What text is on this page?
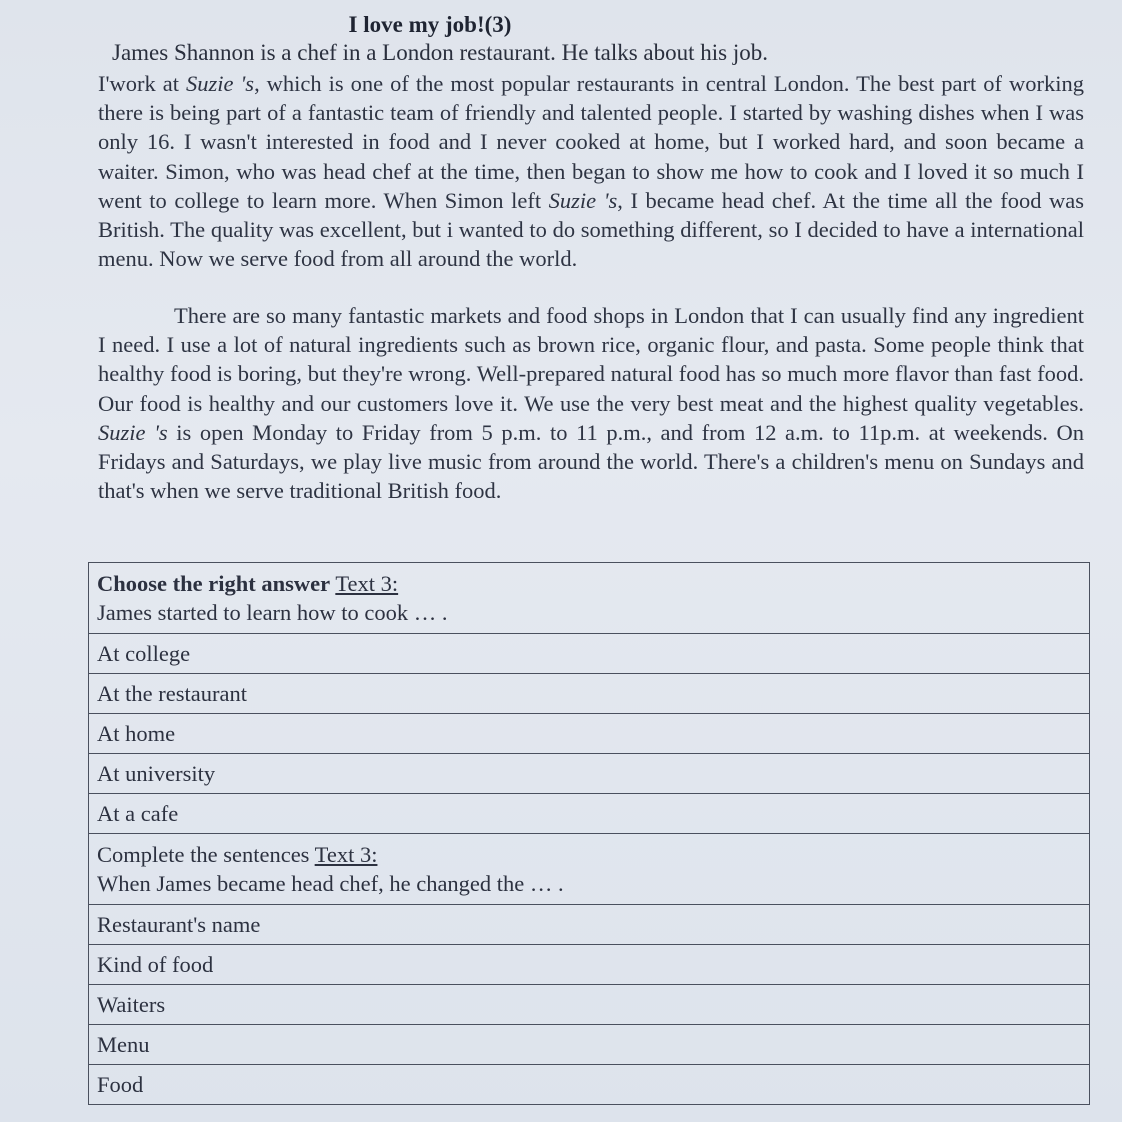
I love my job!(3)
James Shannon is a chef in a London restaurant. He talks about his job.
I'work at Suzie 's, which is one of the most popular restaurants in central London. The best part of working there is being part of a fantastic team of friendly and talented people. I started by washing dishes when I was only 16. I wasn't interested in food and I never cooked at home, but I worked hard, and soon became a waiter. Simon, who was head chef at the time, then began to show me how to cook and I loved it so much I went to college to learn more. When Simon left Suzie 's, I became head chef. At the time all the food was British. The quality was excellent, but i wanted to do something different, so I decided to have a international menu. Now we serve food from all around the world.
There are so many fantastic markets and food shops in London that I can usually find any ingredient I need. I use a lot of natural ingredients such as brown rice, organic flour, and pasta. Some people think that healthy food is boring, but they're wrong. Well-prepared natural food has so much more flavor than fast food. Our food is healthy and our customers love it. We use the very best meat and the highest quality vegetables. Suzie 's is open Monday to Friday from 5 p.m. to 11 p.m., and from 12 a.m. to 11p.m. at weekends. On Fridays and Saturdays, we play live music from around the world. There's a children's menu on Sundays and that's when we serve traditional British food.
Choose the right answer Text 3:
James started to learn how to cook … .
At college
At the restaurant
At home
At university
At a cafe
Complete the sentences Text 3:
When James became head chef, he changed the … .
Restaurant's name
Kind of food
Waiters
Menu
Food
